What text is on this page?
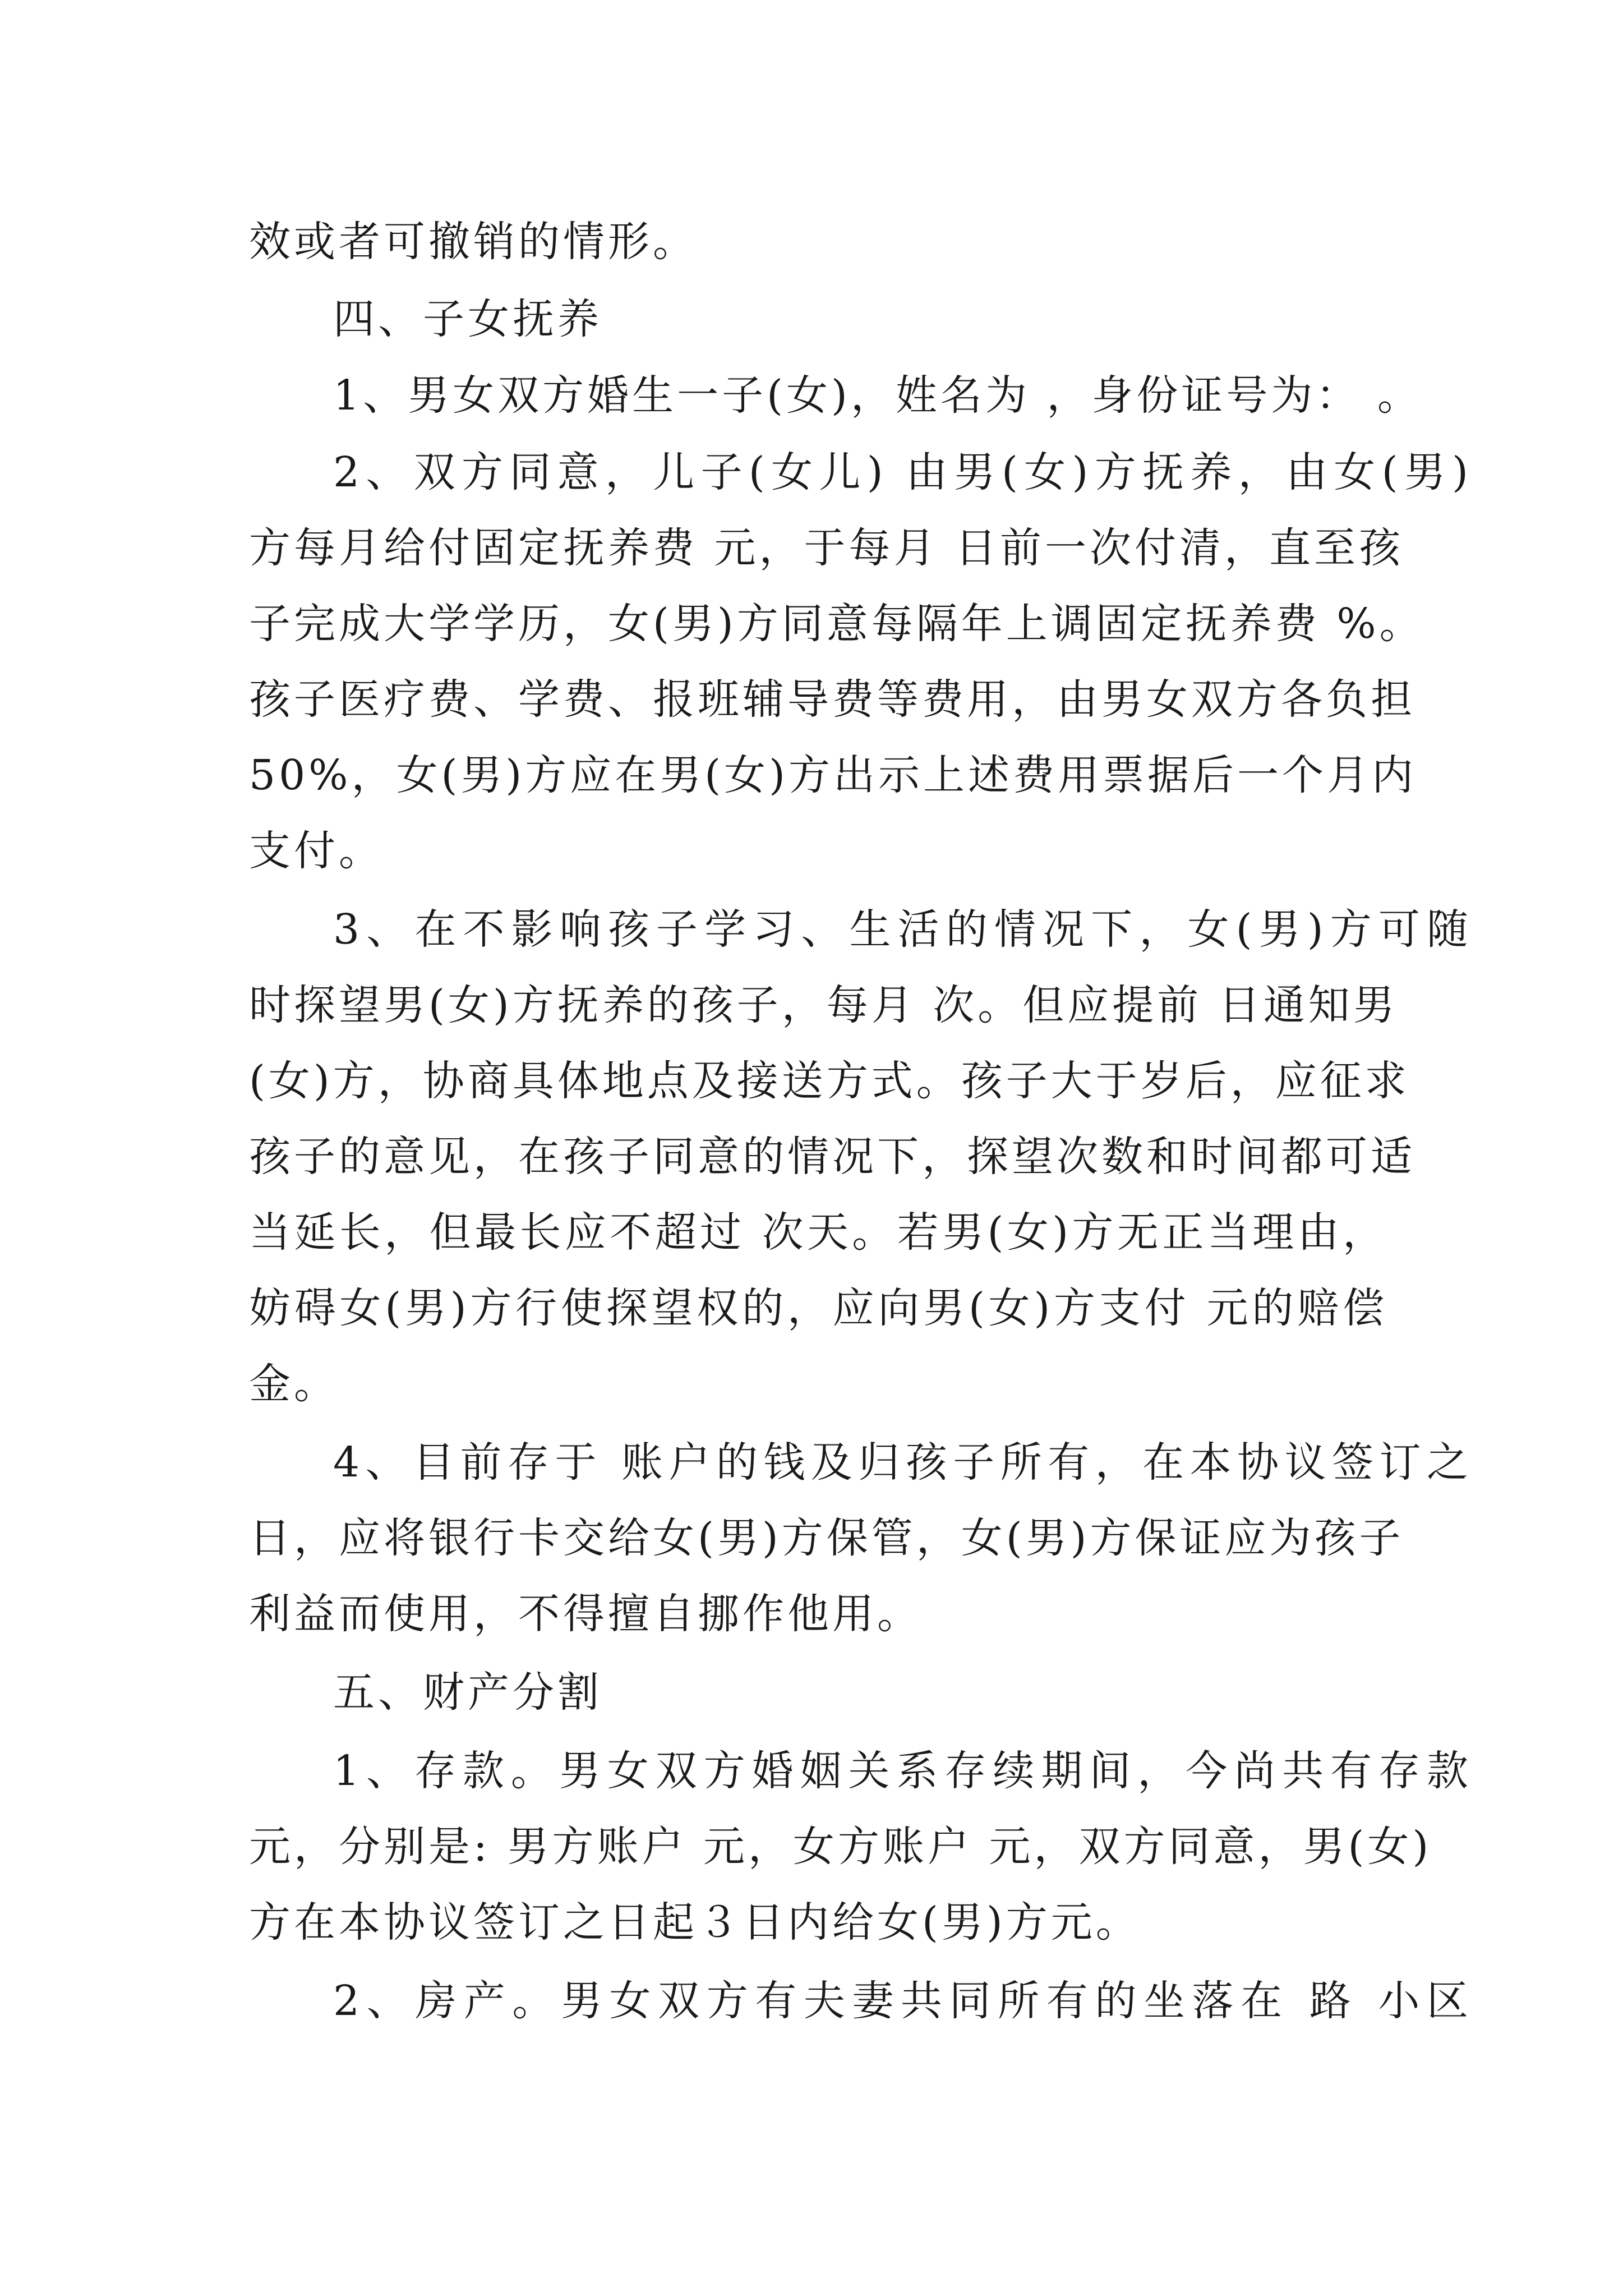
效或者可撤销的情形。

四、子女抚养

1、男女双方婚生一子(女)，姓名为 ，身份证号为： 。

2、双方同意，儿子(女儿) 由男(女)方抚养，由女(男)

方每月给付固定抚养费 元，于每月 日前一次付清，直至孩

子完成大学学历，女(男)方同意每隔年上调固定抚养费 %。

孩子医疗费、学费、报班辅导费等费用，由男女双方各负担

50%，女(男)方应在男(女)方出示上述费用票据后一个月内

支付。

3、在不影响孩子学习、生活的情况下，女(男)方可随

时探望男(女)方抚养的孩子，每月 次。但应提前 日通知男

(女)方，协商具体地点及接送方式。孩子大于岁后，应征求

孩子的意见，在孩子同意的情况下，探望次数和时间都可适

当延长，但最长应不超过 次天。若男(女)方无正当理由，

妨碍女(男)方行使探望权的，应向男(女)方支付 元的赔偿

金。

4、目前存于 账户的钱及归孩子所有，在本协议签订之

日，应将银行卡交给女(男)方保管，女(男)方保证应为孩子

利益而使用，不得擅自挪作他用。

五、财产分割

1、存款。男女双方婚姻关系存续期间，今尚共有存款

元，分别是: 男方账户 元，女方账户 元，双方同意，男(女)

方在本协议签订之日起３日内给女(男)方元。

2、房产。男女双方有夫妻共同所有的坐落在 路 小区
